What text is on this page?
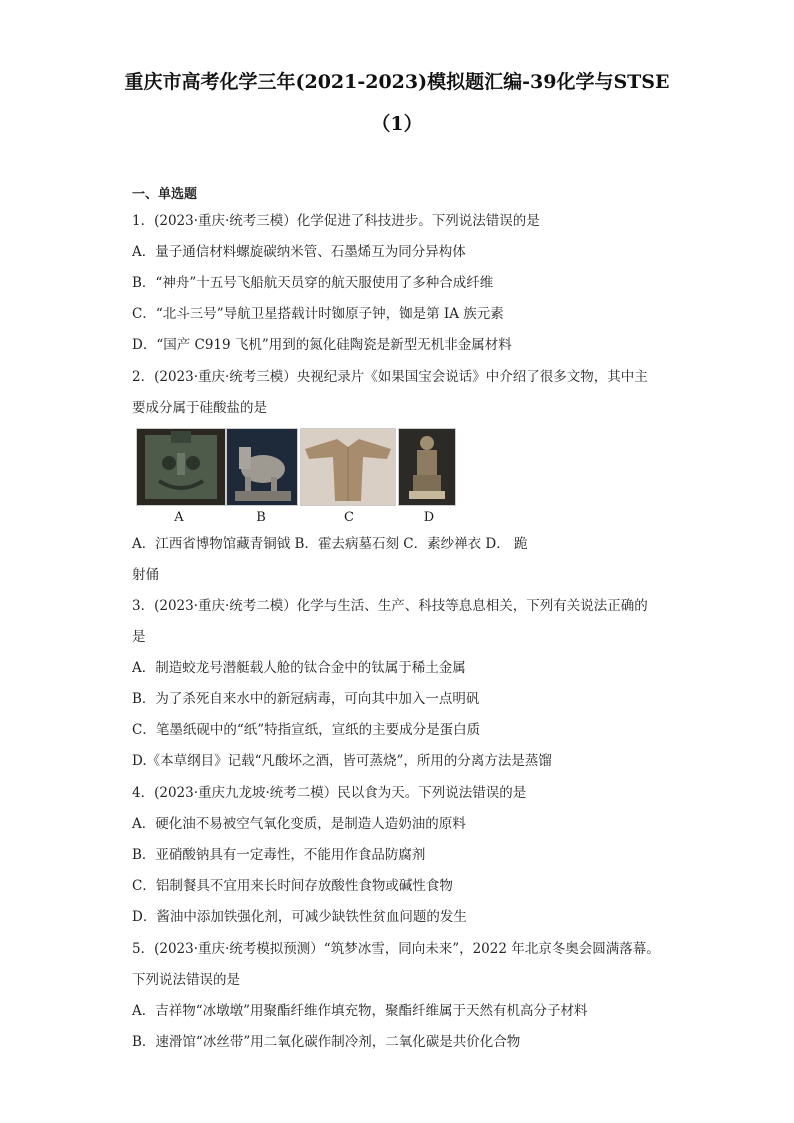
重庆市高考化学三年(2021-2023)模拟题汇编-39化学与STSE
（1）
一、单选题
1．(2023·重庆·统考三模）化学促进了科技进步。下列说法错误的是
A．量子通信材料螺旋碳纳米管、石墨烯互为同分异构体
B．“神舟”十五号飞船航天员穿的航天服使用了多种合成纤维
C．“北斗三号”导航卫星搭载计时铷原子钟，铷是第 IA 族元素
D．“国产 C919 飞机”用到的氮化硅陶瓷是新型无机非金属材料
2．(2023·重庆·统考三模）央视纪录片《如果国宝会说话》中介绍了很多文物，其中主
要成分属于硅酸盐的是
A	B	C	D
A．江西省博物馆藏青铜钺 B．霍去病墓石刻 C．素纱禅衣 D． 跪
射俑
3．(2023·重庆·统考二模）化学与生活、生产、科技等息息相关，下列有关说法正确的
是
A．制造蛟龙号潜艇载人舱的钛合金中的钛属于稀土金属
B．为了杀死自来水中的新冠病毒，可向其中加入一点明矾
C．笔墨纸砚中的“纸”特指宣纸，宣纸的主要成分是蛋白质
D.《本草纲目》记载“凡酸坏之酒，皆可蒸烧”，所用的分离方法是蒸馏
4．(2023·重庆九龙坡·统考二模）民以食为天。下列说法错误的是
A．硬化油不易被空气氧化变质，是制造人造奶油的原料
B．亚硝酸钠具有一定毒性，不能用作食品防腐剂
C．铝制餐具不宜用来长时间存放酸性食物或碱性食物
D．酱油中添加铁强化剂，可减少缺铁性贫血问题的发生
5．(2023·重庆·统考模拟预测）“筑梦冰雪，同向未来”，2022 年北京冬奥会圆满落幕。
下列说法错误的是
A．吉祥物“冰墩墩”用聚酯纤维作填充物，聚酯纤维属于天然有机高分子材料
B．速滑馆“冰丝带”用二氧化碳作制冷剂，二氧化碳是共价化合物
